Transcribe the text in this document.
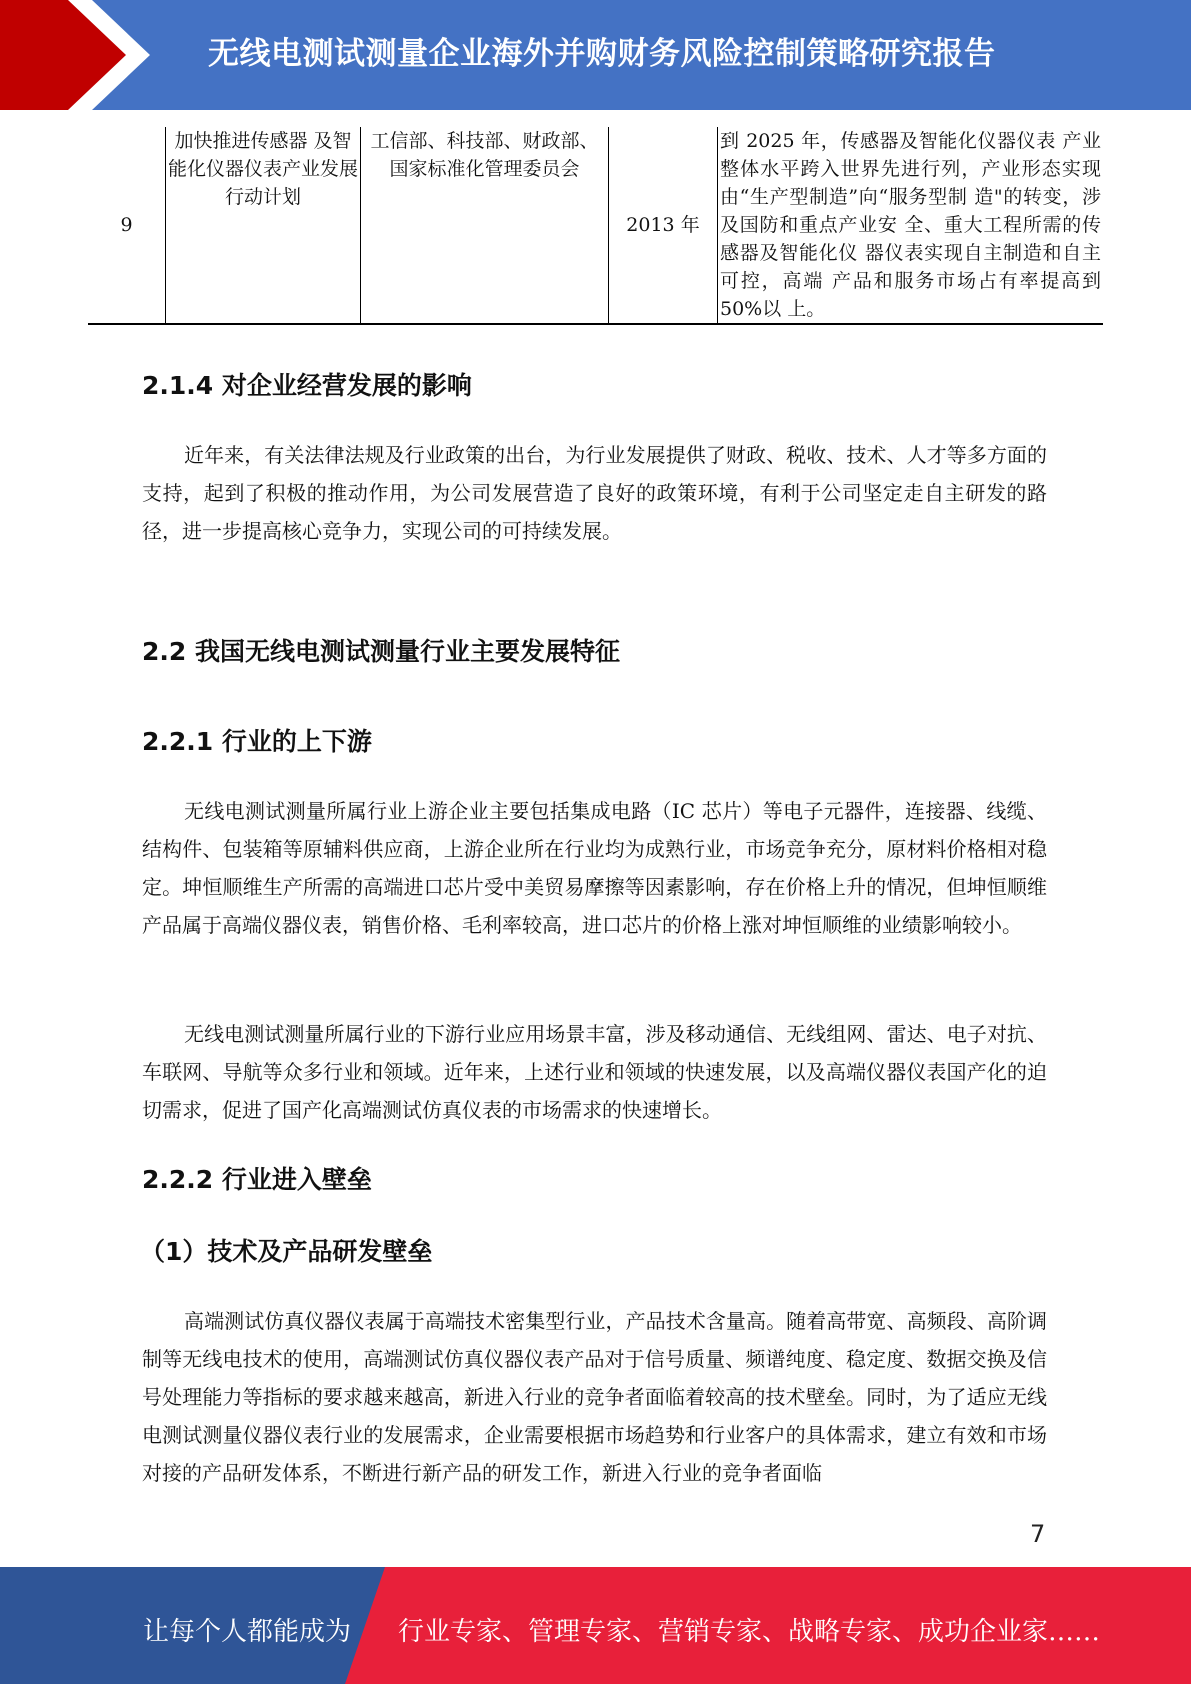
无线电测试测量企业海外并购财务风险控制策略研究报告
9	加快推进传感器 及智能化仪器仪表产业发展行动计划	工信部、科技部、财政部、国家标准化管理委员会	2013 年	到 2025 年，传感器及智能化仪器仪表 产业整体水平跨入世界先进行列，产业形态实现由“生产型制造”向“服务型制 造"的转变，涉及国防和重点产业安 全、重大工程所需的传感器及智能化仪 器仪表实现自主制造和自主可控，高端 产品和服务市场占有率提高到 50%以 上。
2.1.4 对企业经营发展的影响

近年来，有关法律法规及行业政策的出台，为行业发展提供了财政、税收、技术、人才等多方面的支持，起到了积极的推动作用，为公司发展营造了良好的政策环境，有利于公司坚定走自主研发的路径，进一步提高核心竞争力，实现公司的可持续发展。

2.2 我国无线电测试测量行业主要发展特征
2.2.1 行业的上下游

无线电测试测量所属行业上游企业主要包括集成电路（IC 芯片）等电子元器件，连接器、线缆、结构件、包装箱等原辅料供应商，上游企业所在行业均为成熟行业，市场竞争充分，原材料价格相对稳定。坤恒顺维生产所需的高端进口芯片受中美贸易摩擦等因素影响，存在价格上升的情况，但坤恒顺维产品属于高端仪器仪表，销售价格、毛利率较高，进口芯片的价格上涨对坤恒顺维的业绩影响较小。

无线电测试测量所属行业的下游行业应用场景丰富，涉及移动通信、无线组网、雷达、电子对抗、车联网、导航等众多行业和领域。近年来，上述行业和领域的快速发展，以及高端仪器仪表国产化的迫切需求，促进了国产化高端测试仿真仪表的市场需求的快速增长。

2.2.2 行业进入壁垒
（1）技术及产品研发壁垒

高端测试仿真仪器仪表属于高端技术密集型行业，产品技术含量高。随着高带宽、高频段、高阶调制等无线电技术的使用，高端测试仿真仪器仪表产品对于信号质量、频谱纯度、稳定度、数据交换及信号处理能力等指标的要求越来越高，新进入行业的竞争者面临着较高的技术壁垒。同时，为了适应无线电测试测量仪器仪表行业的发展需求，企业需要根据市场趋势和行业客户的具体需求，建立有效和市场对接的产品研发体系，不断进行新产品的研发工作，新进入行业的竞争者面临

7
让每个人都能成为 行业专家、管理专家、营销专家、战略专家、成功企业家……
